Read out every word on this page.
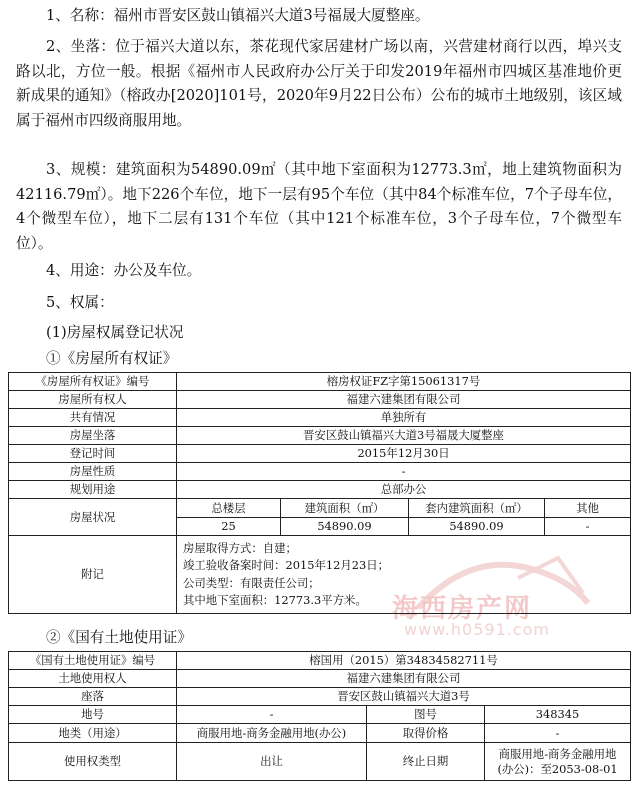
1、名称：福州市晋安区鼓山镇福兴大道3号福晟大厦整座。
2、坐落：位于福兴大道以东，茶花现代家居建材广场以南，兴营建材商行以西，埠兴支路以北，方位一般。根据《福州市人民政府办公厅关于印发2019年福州市四城区基准地价更新成果的通知》（榕政办[2020]101号，2020年9月22日公布）公布的城市土地级别，该区域属于福州市四级商服用地。
3、规模：建筑面积为54890.09㎡（其中地下室面积为12773.3㎡，地上建筑物面积为42116.79㎡）。地下226个车位，地下一层有95个车位（其中84个标准车位，7个子母车位，4个微型车位），地下二层有131个车位（其中121个标准车位，3个子母车位，7个微型车位）。
4、用途：办公及车位。
5、权属：
(1)房屋权属登记状况
①《房屋所有权证》
海西房产网
www.h0591.com
《房屋所有权证》编号	榕房权证FZ字第15061317号			
房屋所有权人	福建六建集团有限公司			
共有情况	单独所有			
房屋坐落	晋安区鼓山镇福兴大道3号福晟大厦整座			
登记时间	2015年12月30日			
房屋性质	-			
规划用途	总部办公			
房屋状况	总楼层	建筑面积（㎡）	套内建筑面积（㎡）	其他
	25	54890.09	54890.09	-
附记	房屋取得方式：自建；
竣工验收备案时间：2015年12月23日；
公司类型：有限责任公司；
其中地下室面积：12773.3平方米。			
②《国有土地使用证》
《国有土地使用证》编号	榕国用（2015）第34834582711号		
土地使用权人	福建六建集团有限公司		
座落	晋安区鼓山镇福兴大道3号		
地号	-	图号	348345
地类（用途）	商服用地-商务金融用地(办公)	取得价格	-
使用权类型	出让	终止日期	商服用地-商务金融用地
(办公)：至2053-08-01
